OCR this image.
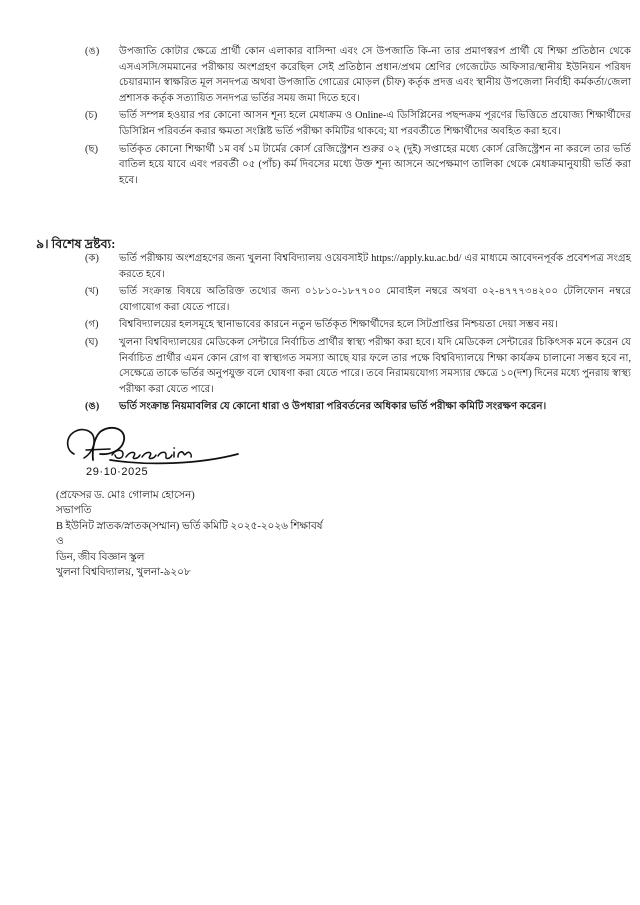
(ঙ)	উপজাতি কোটার ক্ষেত্রে প্রার্থী কোন এলাকার বাসিন্দা এবং সে উপজাতি কি-না তার প্রমাণস্বরপ প্রার্থী যে শিক্ষা প্রতিষ্ঠান থেকে এসএসসি/সমমানের পরীক্ষায় অংশগ্রহণ করেছিল সেই প্রতিষ্ঠান প্রধান/প্রথম শ্রেণির গেজেটেড অফিসার/স্থানীয় ইউনিয়ন পরিষদ চেয়ারম্যান স্বাক্ষরিত মূল সনদপত্র অথবা উপজাতি গোত্রের মোড়ল (চীফ) কর্তৃক প্রদত্ত এবং স্থানীয় উপজেলা নির্বাহী কর্মকর্তা/জেলা প্রশাসক কর্তৃক সত্যায়িত সনদপত্র ভর্তির সময় জমা দিতে হবে।
(চ)	ভর্তি সম্পন্ন হওয়ার পর কোনো আসন শূন্য হলে মেধাক্রম ও Online-এ ডিসিপ্লিনের পছন্দক্রম পূরণের ভিত্তিতে প্রযোজ্য শিক্ষার্থীদের ডিসিপ্লিন পরিবর্তন করার ক্ষমতা সংশ্লিষ্ট ভর্তি পরীক্ষা কমিটির থাকবে; যা পরবর্তীতে শিক্ষার্থীদের অবহিত করা হবে।
(ছ)	ভর্তিকৃত কোনো শিক্ষার্থী ১ম বর্ষ ১ম টার্মের কোর্স রেজিস্ট্রেশন শুরুর ০২ (দুই) সপ্তাহের মধ্যে কোর্স রেজিস্ট্রেশন না করলে তার ভর্তি বাতিল হয়ে যাবে এবং পরবর্তী ০৫ (পাঁচ) কর্ম দিবসের মধ্যে উক্ত শূন্য আসনে অপেক্ষমাণ তালিকা থেকে মেধাক্রমানুযায়ী ভর্তি করা হবে।
৯। বিশেষ দ্রষ্টব্য:
(ক)	ভর্তি পরীক্ষায় অংশগ্রহণের জন্য খুলনা বিশ্ববিদ্যালয় ওয়েবসাইট https://apply.ku.ac.bd/ এর মাধ্যমে আবেদনপূর্বক প্রবেশপত্র সংগ্রহ করতে হবে।
(খ)	ভর্তি সংক্রান্ত বিষয়ে অতিরিক্ত তথ্যের জন্য ০১৮১০-১৮৭৭০০ মোবাইল নম্বরে অথবা ০২-৪৭৭৭৩৪২০০ টেলিফোন নম্বরে যোগাযোগ করা যেতে পারে।
(গ)	বিশ্ববিদ্যালয়ের হলসমূহে স্থানাভাবের কারনে নতুন ভর্তিকৃত শিক্ষার্থীদের হলে সিটপ্রাপ্তির নিশ্চয়তা দেয়া সম্ভব নয়।
(ঘ)	খুলনা বিশ্ববিদ্যালয়ের মেডিকেল সেন্টারে নির্বাচিত প্রার্থীর স্বাস্থ্য পরীক্ষা করা হবে। যদি মেডিকেল সেন্টারের চিকিৎসক মনে করেন যে নির্বাচিত প্রার্থীর এমন কোন রোগ বা স্বাস্থ্যগত সমস্যা আছে যার ফলে তার পক্ষে বিশ্ববিদ্যালয়ে শিক্ষা কার্যক্রম চালানো সম্ভব হবে না, সেক্ষেত্রে তাকে ভর্তির অনুপযুক্ত বলে ঘোষণা করা যেতে পারে। তবে নিরাময়যোগ্য সমস্যার ক্ষেত্রে ১০(দশ) দিনের মধ্যে পুনরায় স্বাস্থ্য পরীক্ষা করা যেতে পারে।
(ঙ)	ভর্তি সংক্রান্ত নিয়মাবলির যে কোনো ধারা ও উপধারা পরিবর্তনের অধিকার ভর্তি পরীক্ষা কমিটি সংরক্ষণ করেন।
29·10·2025
(প্রফেসর ড. মোঃ গোলাম হোসেন)
সভাপতি
B ইউনিট স্নাতক/স্নাতক(সম্মান) ভর্তি কমিটি ২০২৫-২০২৬ শিক্ষাবর্ষ
ও
ডিন, জীব বিজ্ঞান স্কুল
খুলনা বিশ্ববিদ্যালয়, খুলনা-৯২০৮
